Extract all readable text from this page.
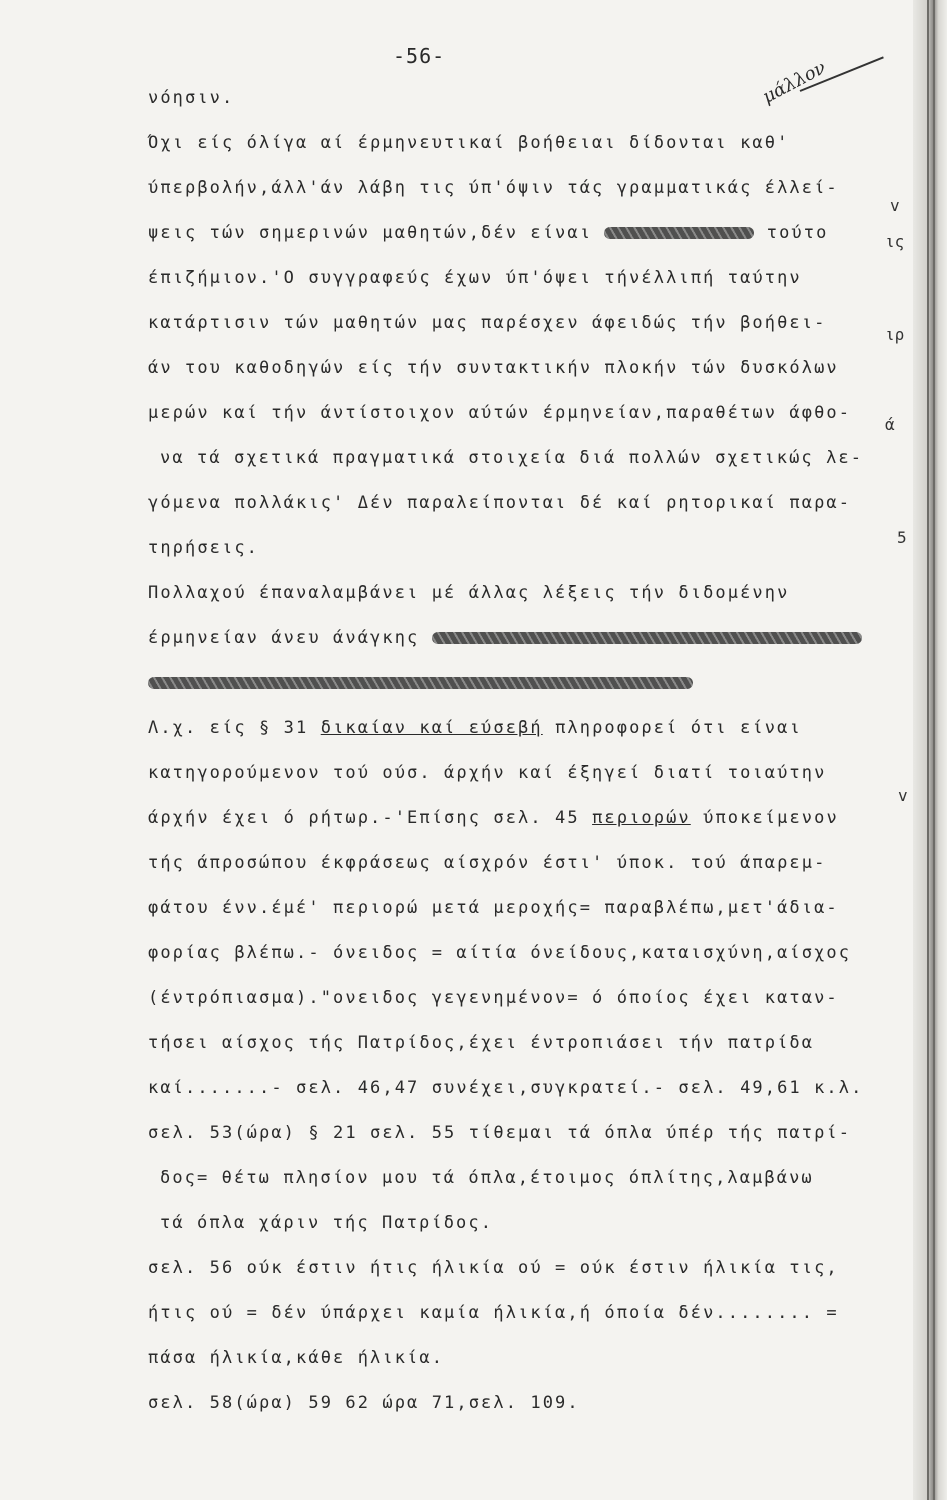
-56-
μάλλον
νόησιν.
Όχι είς όλίγα αί έρμηνευτικαί βοήθειαι δίδονται καθ'
ύπερβολήν,άλλ'άν λάβη τις ύπ'όψιν τάς γραμματικάς έλλεί-
ψεις τών σημερινών μαθητών,δέν είναι	τούτο
έπιζήμιον.'Ο συγγραφεύς έχων ύπ'όψει τήνέλλιπή ταύτην
κατάρτισιν τών μαθητών μας παρέσχεν άφειδώς τήν βοήθει-
άν του καθοδηγών είς τήν συντακτικήν πλοκήν τών δυσκόλων
μερών καί τήν άντίστοιχον αύτών έρμηνείαν,παραθέτων άφθο-
να τά σχετικά πραγματικά στοιχεία διά πολλών σχετικώς λε-
γόμενα πολλάκις' Δέν παραλείπονται δέ καί ρητορικαί παρα-
τηρήσεις.
Πολλαχού έπαναλαμβάνει μέ άλλας λέξεις τήν διδομένην
έρμηνείαν άνευ άνάγκης
Λ.χ. είς § 31 δικαίαν καί εύσεβή πληροφορεί ότι είναι
κατηγορούμενον τού ούσ. άρχήν καί έξηγεί διατί τοιαύτην
άρχήν έχει ό ρήτωρ.-'Επίσης σελ. 45 περιορών ύποκείμενον
τής άπροσώπου έκφράσεως αίσχρόν έστι' ύποκ. τού άπαρεμ-
φάτου ένν.έμέ' περιορώ μετά μεροχής= παραβλέπω,μετ'άδια-
φορίας βλέπω.- όνειδος = αίτία όνείδους,καταισχύνη,αίσχος
(έντρόπιασμα)."ονειδος γεγενημένον= ό όποίος έχει καταν-
τήσει αίσχος τής Πατρίδος,έχει έντροπιάσει τήν πατρίδα
καί.......- σελ. 46,47 συνέχει,συγκρατεί.- σελ. 49,61 κ.λ.
σελ. 53(ώρα) § 21 σελ. 55 τίθεμαι τά όπλα ύπέρ τής πατρί-
δος= θέτω πλησίον μου τά όπλα,έτοιμος όπλίτης,λαμβάνω
τά όπλα χάριν τής Πατρίδος.
σελ. 56 ούκ έστιν ήτις ήλικία ού = ούκ έστιν ήλικία τις,
ήτις ού = δέν ύπάρχει καμία ήλικία,ή όποία δέν........ =
πάσα ήλικία,κάθε ήλικία.
σελ. 58(ώρα) 59 62 ώρα 71,σελ. 109.
v
ις
ιρ
ά
5
v
